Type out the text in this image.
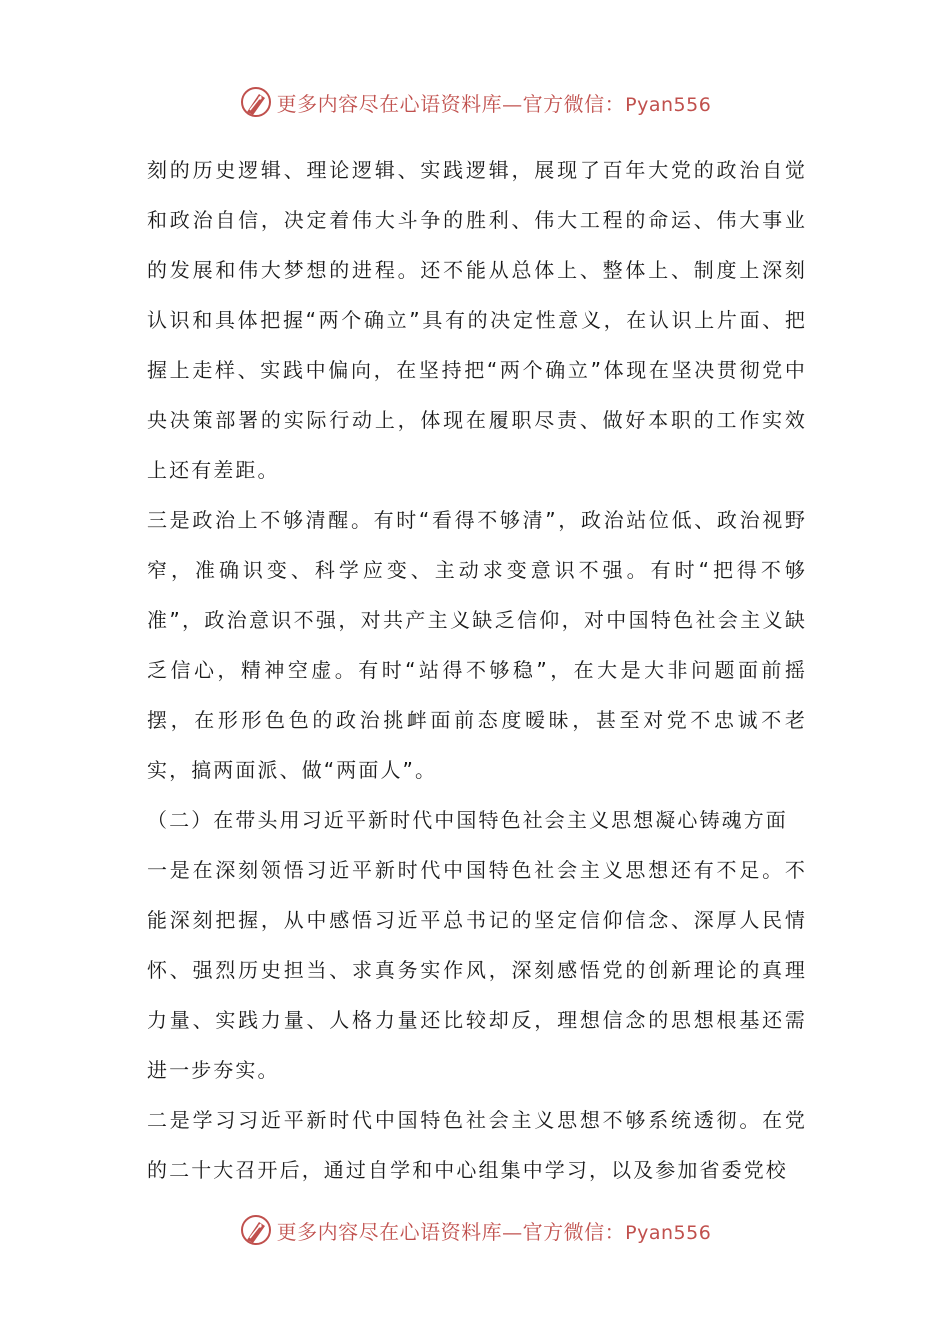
更多内容尽在心语资料库—官方微信：Pyan556

刻的历史逻辑、理论逻辑、实践逻辑，展现了百年大党的政治自觉和政治自信，决定着伟大斗争的胜利、伟大工程的命运、伟大事业的发展和伟大梦想的进程。还不能从总体上、整体上、制度上深刻认识和具体把握“两个确立”具有的决定性意义，在认识上片面、把握上走样、实践中偏向，在坚持把“两个确立”体现在坚决贯彻党中央决策部署的实际行动上，体现在履职尽责、做好本职的工作实效上还有差距。

三是政治上不够清醒。有时“看得不够清”，政治站位低、政治视野窄，准确识变、科学应变、主动求变意识不强。有时“把得不够准”，政治意识不强，对共产主义缺乏信仰，对中国特色社会主义缺乏信心，精神空虚。有时“站得不够稳”，在大是大非问题面前摇摆，在形形色色的政治挑衅面前态度暧昧，甚至对党不忠诚不老实，搞两面派、做“两面人”。

（二）在带头用习近平新时代中国特色社会主义思想凝心铸魂方面

一是在深刻领悟习近平新时代中国特色社会主义思想还有不足。不能深刻把握，从中感悟习近平总书记的坚定信仰信念、深厚人民情怀、强烈历史担当、求真务实作风，深刻感悟党的创新理论的真理力量、实践力量、人格力量还比较却反，理想信念的思想根基还需进一步夯实。

二是学习习近平新时代中国特色社会主义思想不够系统透彻。在党的二十大召开后，通过自学和中心组集中学习，以及参加省委党校

更多内容尽在心语资料库—官方微信：Pyan556
